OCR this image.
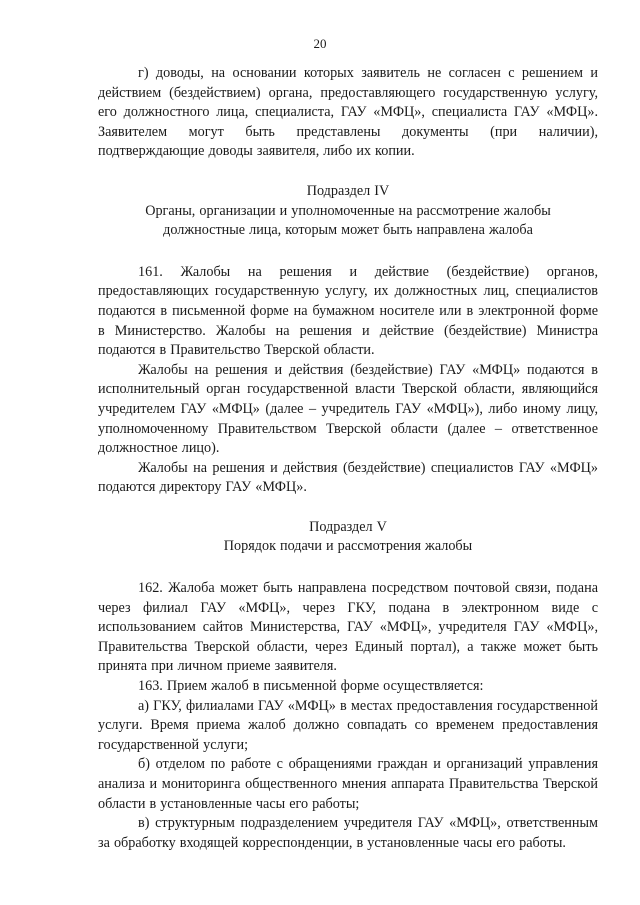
20

г) доводы, на основании которых заявитель не согласен с решением и действием (бездействием) органа, предоставляющего государственную услугу, его должностного лица, специалиста, ГАУ «МФЦ», специалиста ГАУ «МФЦ». Заявителем могут быть представлены документы (при наличии), подтверждающие доводы заявителя, либо их копии.

Подраздел IV

Органы, организации и уполномоченные на рассмотрение жалобы

должностные лица, которым может быть направлена жалоба

161. Жалобы на решения и действие (бездействие) органов, предоставляющих государственную услугу, их должностных лиц, специалистов подаются в письменной форме на бумажном носителе или в электронной форме в Министерство. Жалобы на решения и действие (бездействие) Министра подаются в Правительство Тверской области.

Жалобы на решения и действия (бездействие) ГАУ «МФЦ» подаются в исполнительный орган государственной власти Тверской области, являющийся учредителем ГАУ «МФЦ» (далее – учредитель ГАУ «МФЦ»), либо иному лицу, уполномоченному Правительством Тверской области (далее – ответственное должностное лицо).

Жалобы на решения и действия (бездействие) специалистов ГАУ «МФЦ» подаются директору ГАУ «МФЦ».

Подраздел V

Порядок подачи и рассмотрения жалобы

162. Жалоба может быть направлена посредством почтовой связи, подана через филиал ГАУ «МФЦ», через ГКУ, подана в электронном виде с использованием сайтов Министерства, ГАУ «МФЦ», учредителя ГАУ «МФЦ», Правительства Тверской области, через Единый портал), а также может быть принята при личном приеме заявителя.

163. Прием жалоб в письменной форме осуществляется:

а) ГКУ, филиалами ГАУ «МФЦ» в местах предоставления государственной услуги. Время приема жалоб должно совпадать со временем предоставления государственной услуги;

б) отделом по работе с обращениями граждан и организаций управления анализа и мониторинга общественного мнения аппарата Правительства Тверской области в установленные часы его работы;

в) структурным подразделением учредителя ГАУ «МФЦ», ответственным за обработку входящей корреспонденции, в установленные часы его работы.
